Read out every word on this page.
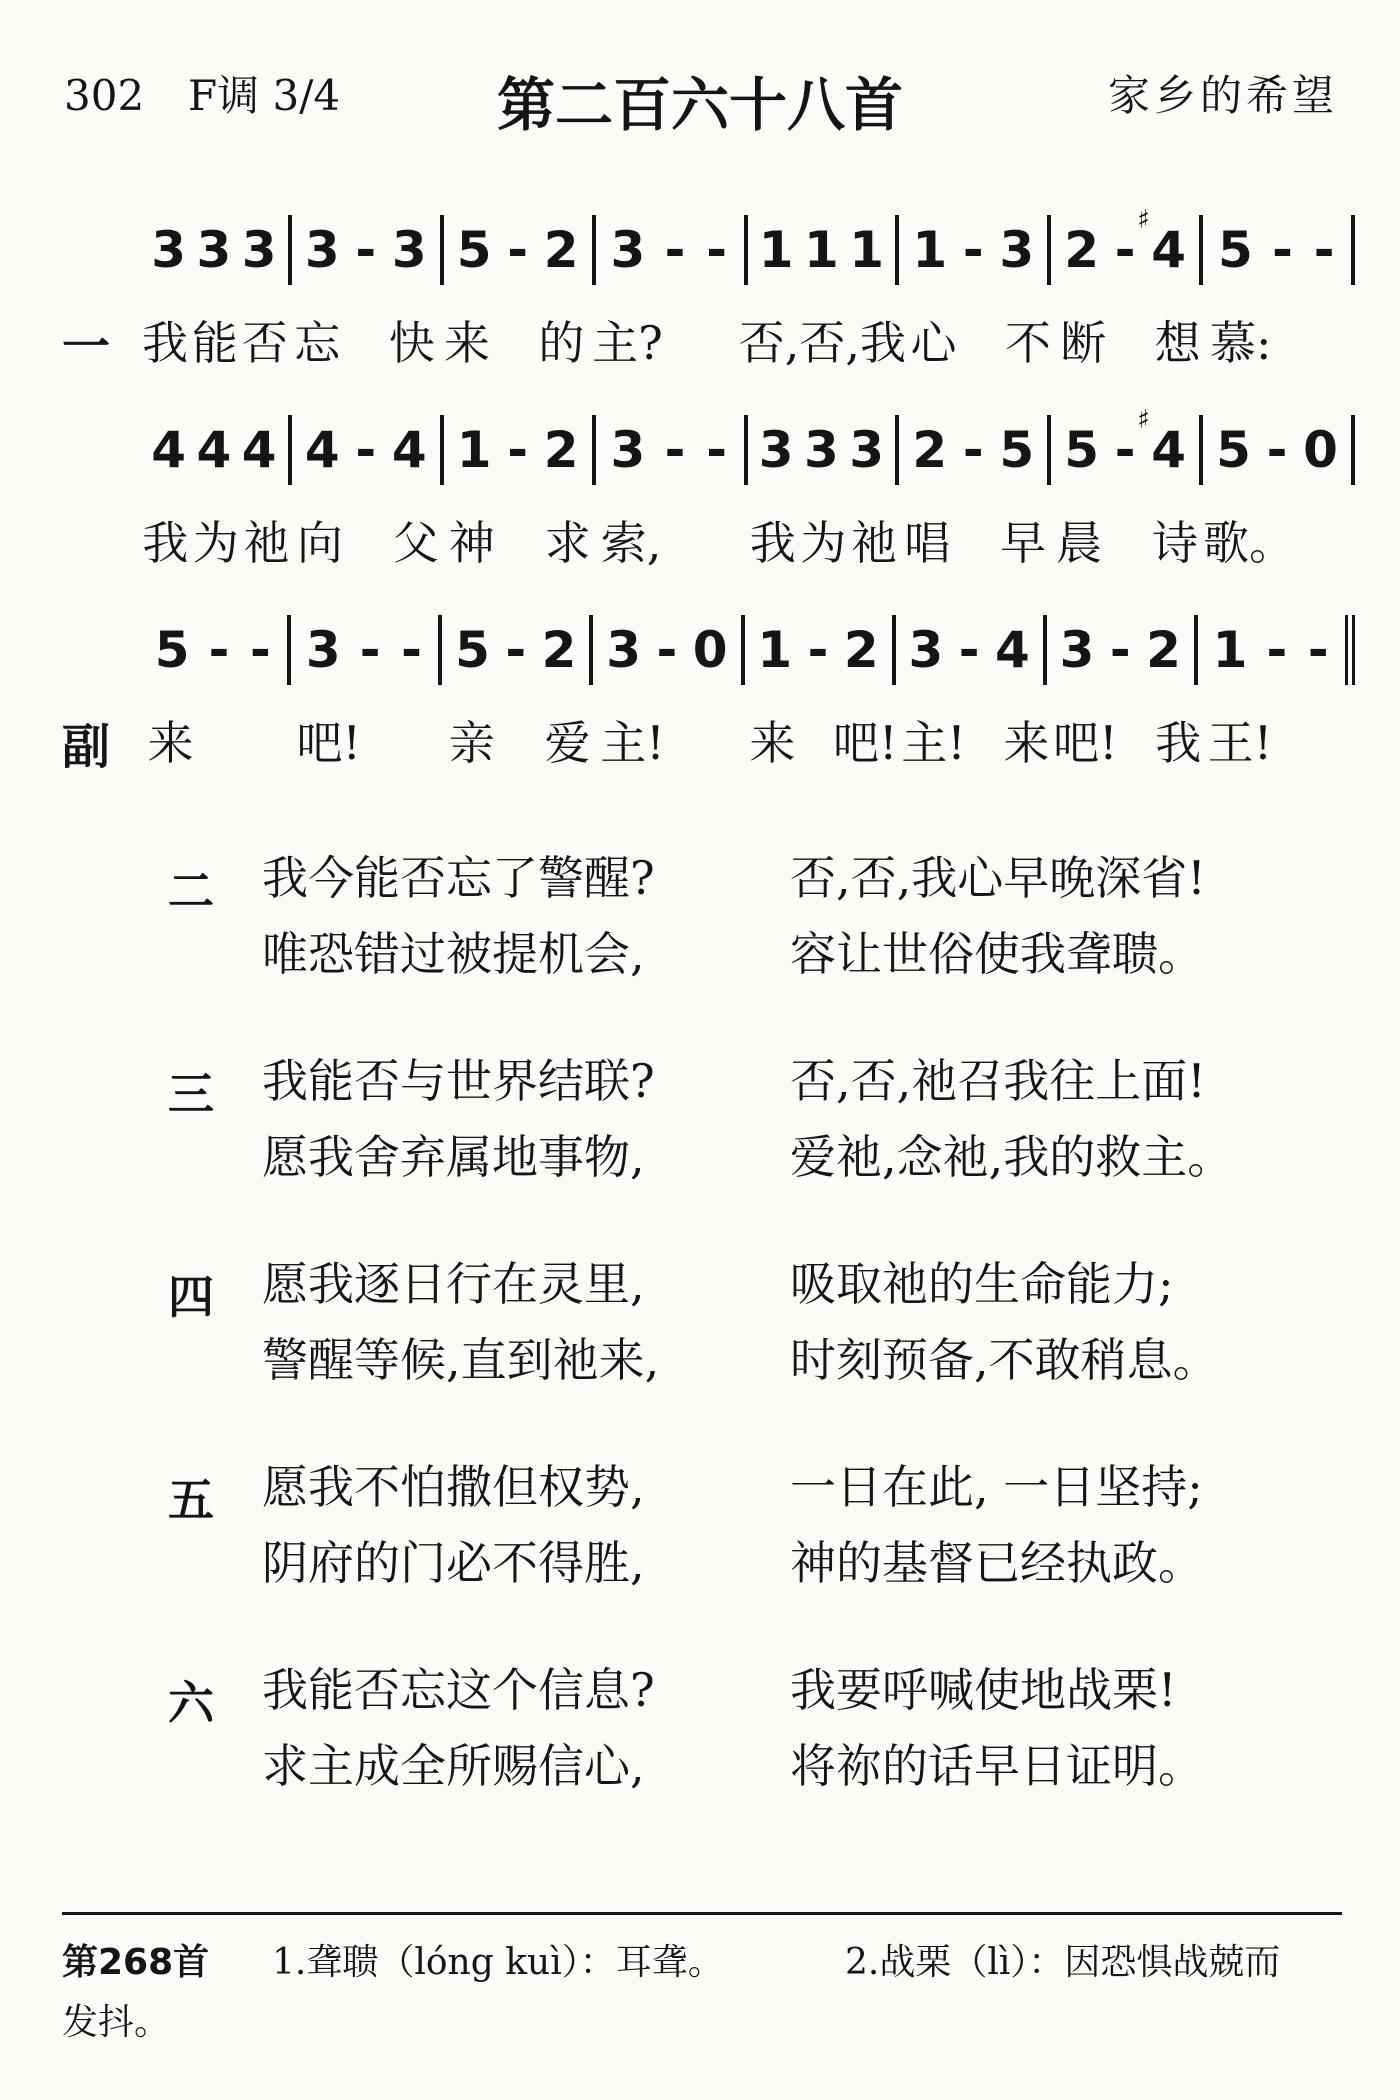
302 F调 3/4	第二百六十八首	家乡的希望
一
3 3 3 3 - 3 5 - 2 3 - - 1 1 1 1 - 3 2 -
♯
4 5 - -
我 能 否 忘 快 来 的 主? 否, 否, 我 心 不 断 想 慕:
4 4 4 4 - 4 1 - 2 3 - - 3 3 3 2 - 5 5 -
♯
4 5 - 0
我 为 祂 向 父 神 求 索, 我 为 祂 唱 早 晨 诗 歌。
副
5 - - 3 - - 5 - 2 3 - 0 1 - 2 3 - 4 3 - 2 1 - -
来 吧! 亲 爱 主! 来 吧! 主! 来 吧! 我 王!
二 我今能否忘了警醒?
唯恐错过被提机会,
否,否,我心早晚深省!
容让世俗使我聋聩。
三 我能否与世界结联?
愿我舍弃属地事物,
否,否,祂召我往上面!
爱祂,念祂,我的救主。
四 愿我逐日行在灵里,
警醒等候,直到祂来,
吸取祂的生命能力;
时刻预备,不敢稍息。
五 愿我不怕撒但权势,
阴府的门必不得胜,
一日在此, 一日坚持;
神的基督已经执政。
六 我能否忘这个信息?
求主成全所赐信心,
我要呼喊使地战栗!
将祢的话早日证明。
第268首 1.聋聩（lóng kuì）：耳聋。	2.战栗（lì）：因恐惧战兢而
发抖。
